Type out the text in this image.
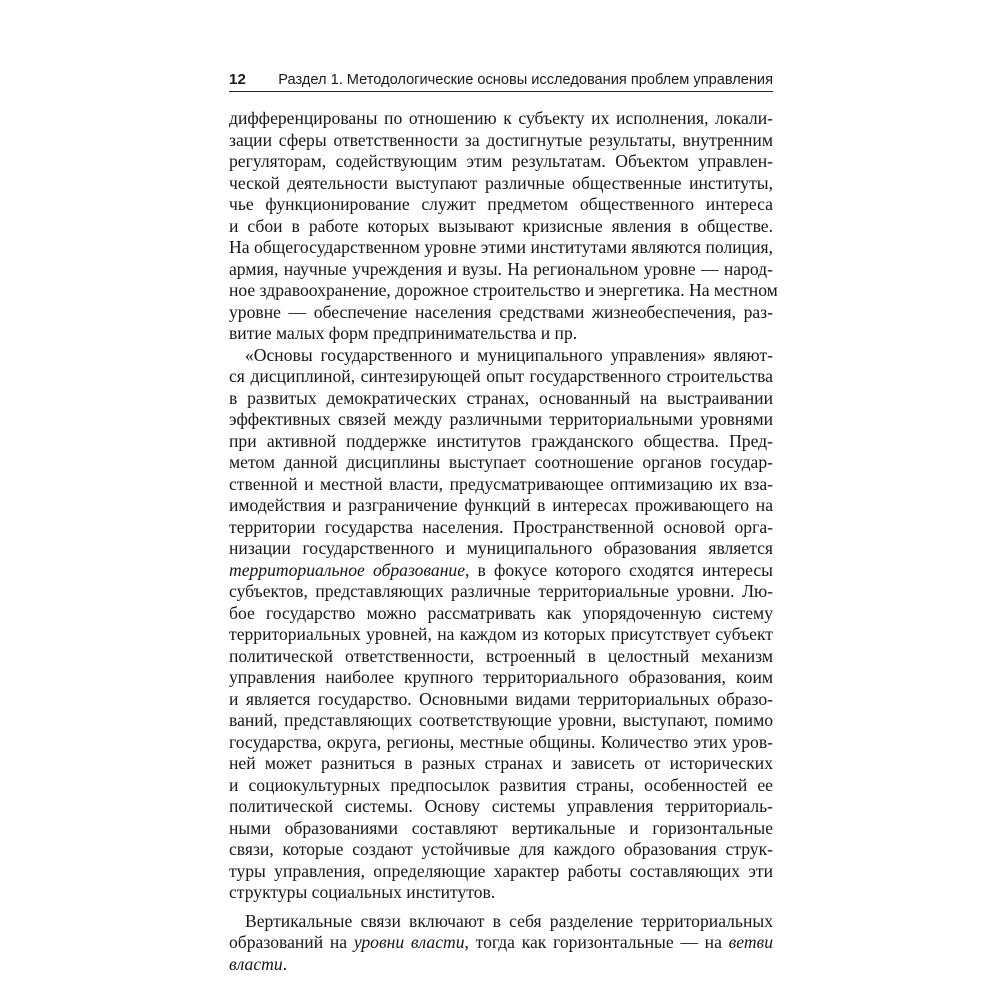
12 Раздел 1. Методологические основы исследования проблем управления

дифференцированы по отношению к субъекту их исполнения, локали-
зации сферы ответственности за достигнутые результаты, внутренним
регуляторам, содействующим этим результатам. Объектом управлен-
ческой деятельности выступают различные общественные институты,
чье функционирование служит предметом общественного интереса
и сбои в работе которых вызывают кризисные явления в обществе.
На общегосударственном уровне этими институтами являются полиция,
армия, научные учреждения и вузы. На региональном уровне — народ-
ное здравоохранение, дорожное строительство и энергетика. На местном
уровне — обеспечение населения средствами жизнеобеспечения, раз-
витие малых форм предпринимательства и пр.

«Основы государственного и муниципального управления» являют-
ся дисциплиной, синтезирующей опыт государственного строительства
в развитых демократических странах, основанный на выстраивании
эффективных связей между различными территориальными уровнями
при активной поддержке институтов гражданского общества. Пред-
метом данной дисциплины выступает соотношение органов государ-
ственной и местной власти, предусматривающее оптимизацию их вза-
имодействия и разграничение функций в интересах проживающего на
территории государства населения. Пространственной основой орга-
низации государственного и муниципального образования является
территориальное образование, в фокусе которого сходятся интересы
субъектов, представляющих различные территориальные уровни. Лю-
бое государство можно рассматривать как упорядоченную систему
территориальных уровней, на каждом из которых присутствует субъект
политической ответственности, встроенный в целостный механизм
управления наиболее крупного территориального образования, коим
и является государство. Основными видами территориальных образо-
ваний, представляющих соответствующие уровни, выступают, помимо
государства, округа, регионы, местные общины. Количество этих уров-
ней может разниться в разных странах и зависеть от исторических
и социокультурных предпосылок развития страны, особенностей ее
политической системы. Основу системы управления территориаль-
ными образованиями составляют вертикальные и горизонтальные
связи, которые создают устойчивые для каждого образования струк-
туры управления, определяющие характер работы составляющих эти
структуры социальных институтов.

Вертикальные связи включают в себя разделение территориальных
образований на уровни власти, тогда как горизонтальные — на ветви
власти.
